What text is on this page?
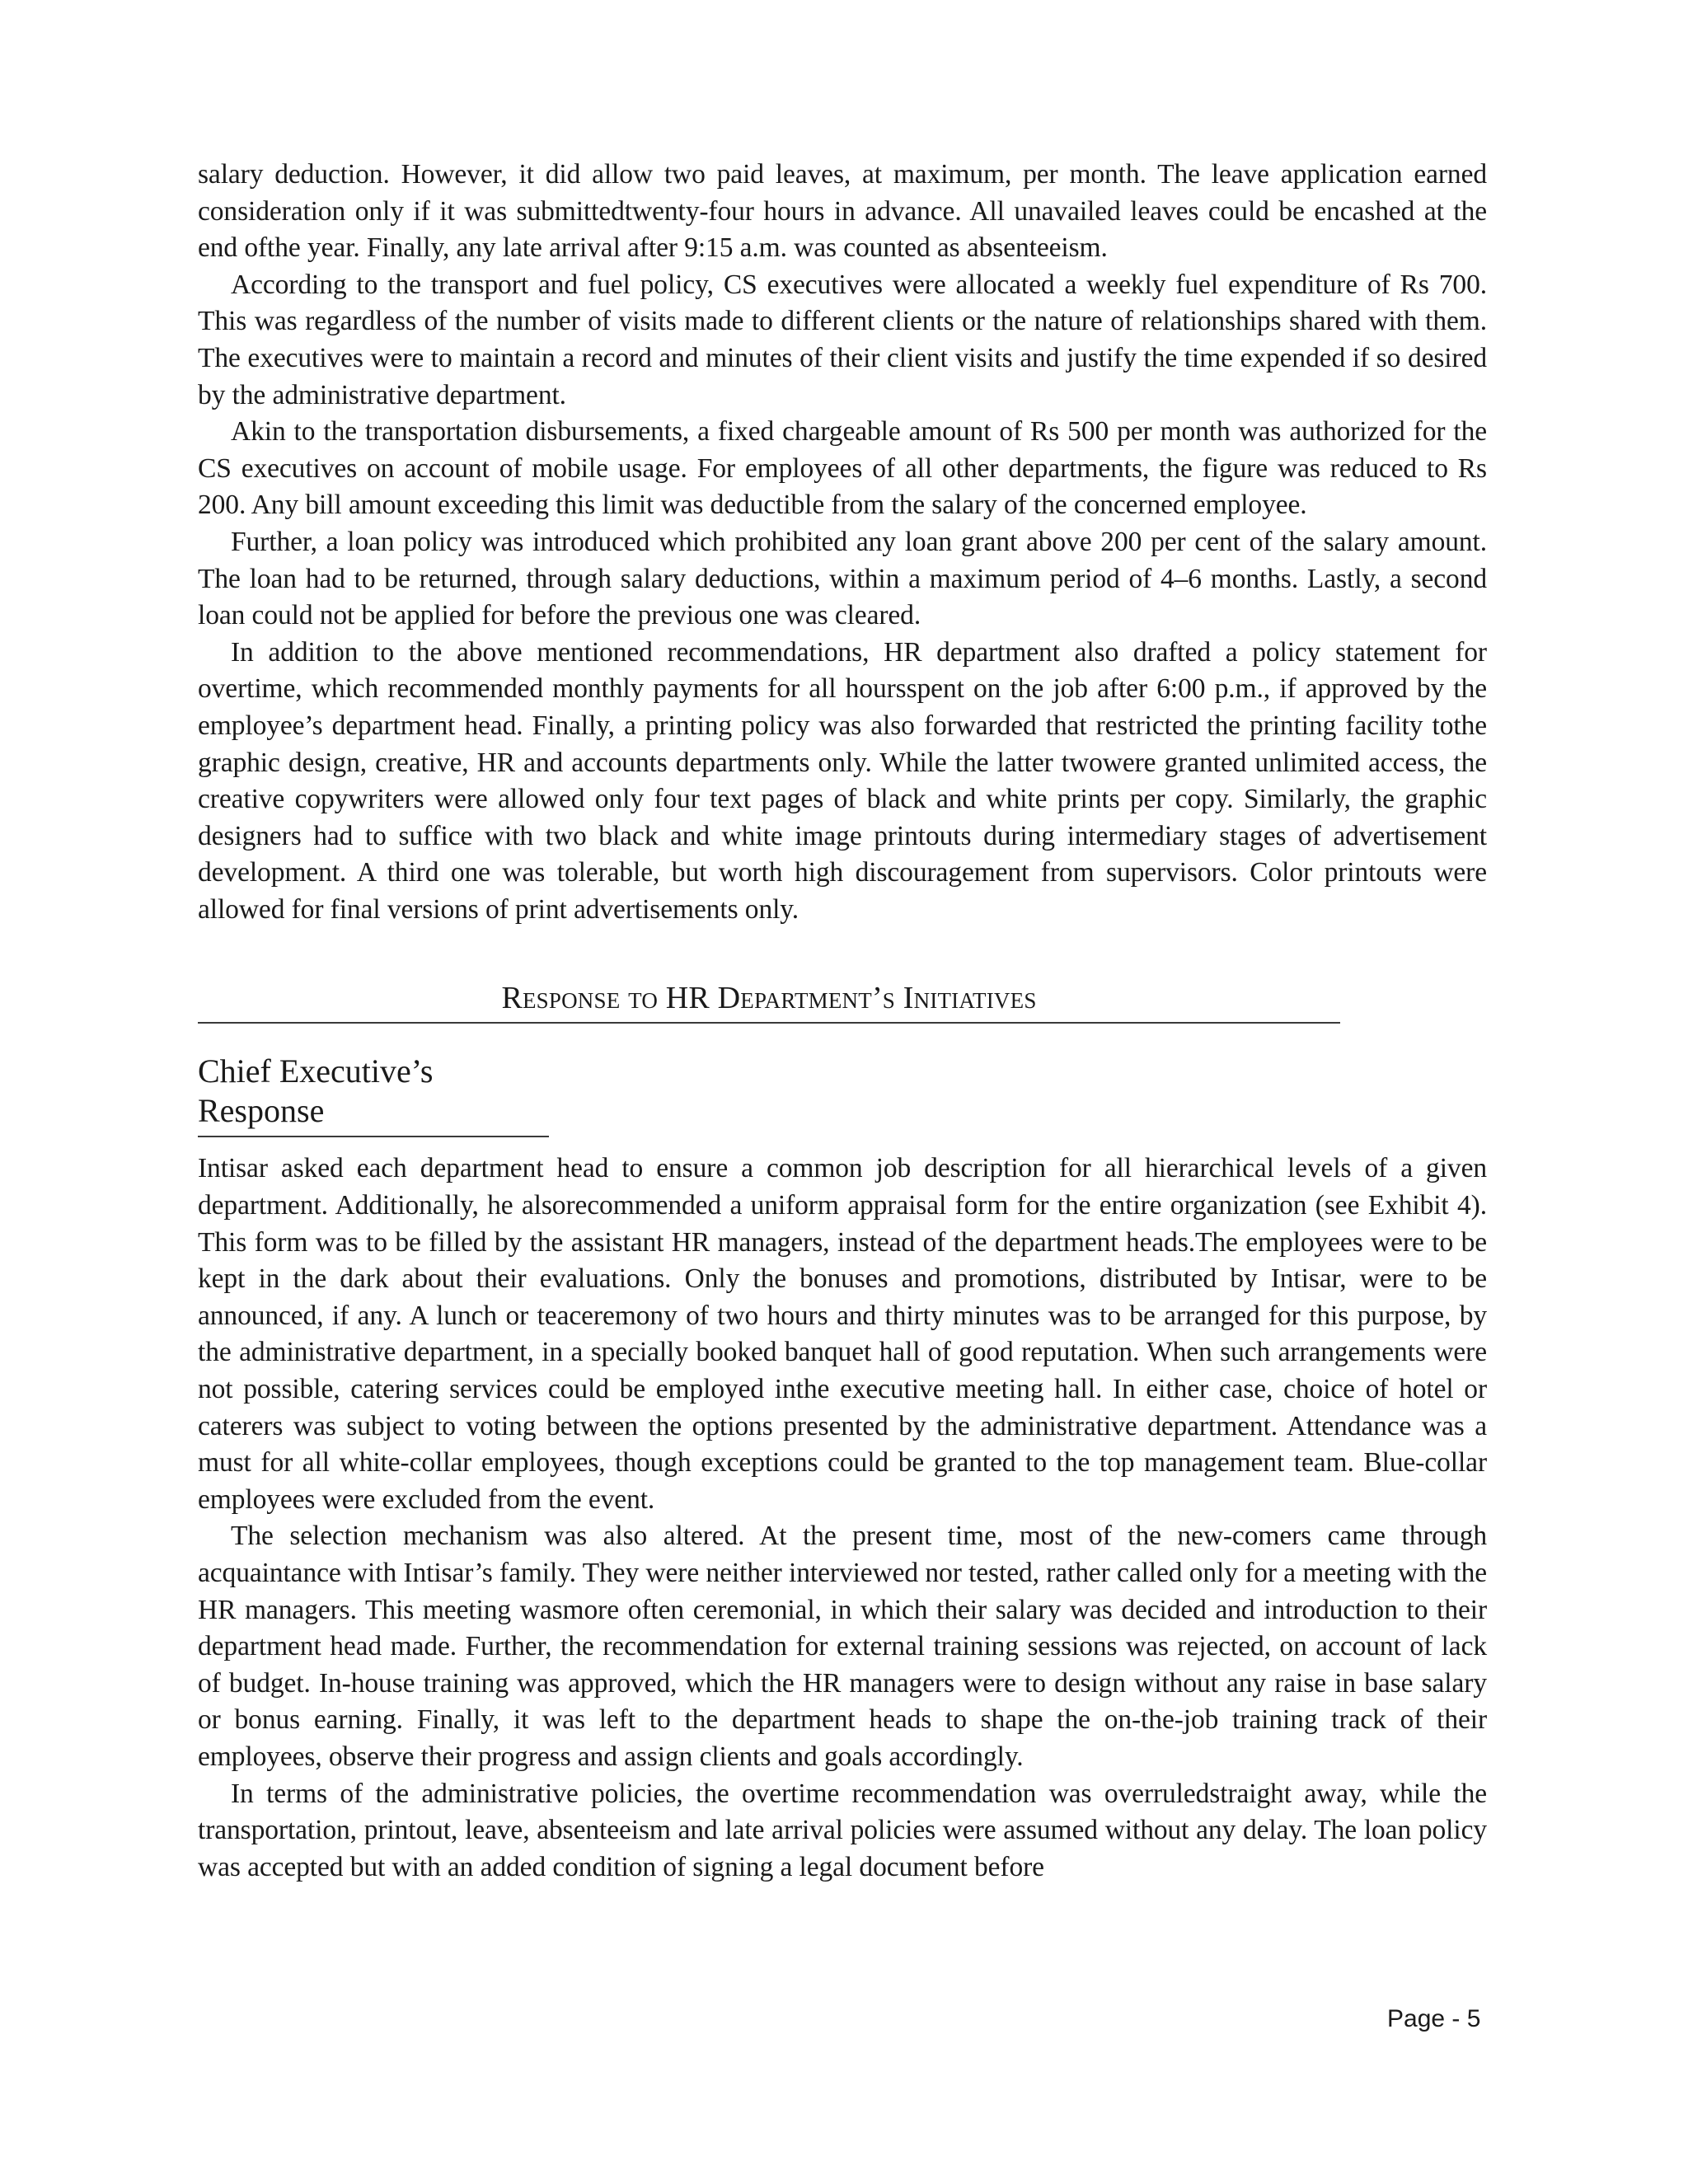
salary deduction. However, it did allow two paid leaves, at maximum, per month. The leave application earned consideration only if it was submittedtwenty-four hours in advance. All unavailed leaves could be encashed at the end ofthe year. Finally, any late arrival after 9:15 a.m. was counted as absenteeism.

According to the transport and fuel policy, CS executives were allocated a weekly fuel expenditure of Rs 700. This was regardless of the number of visits made to different clients or the nature of relationships shared with them. The executives were to maintain a record and minutes of their client visits and justify the time expended if so desired by the administrative department.

Akin to the transportation disbursements, a fixed chargeable amount of Rs 500 per month was authorized for the CS executives on account of mobile usage. For employees of all other departments, the figure was reduced to Rs 200. Any bill amount exceeding this limit was deductible from the salary of the concerned employee.

Further, a loan policy was introduced which prohibited any loan grant above 200 per cent of the salary amount. The loan had to be returned, through salary deductions, within a maximum period of 4–6 months. Lastly, a second loan could not be applied for before the previous one was cleared.

In addition to the above mentioned recommendations, HR department also drafted a policy statement for overtime, which recommended monthly payments for all hoursspent on the job after 6:00 p.m., if approved by the employee’s department head. Finally, a printing policy was also forwarded that restricted the printing facility tothe graphic design, creative, HR and accounts departments only. While the latter twowere granted unlimited access, the creative copywriters were allowed only four text pages of black and white prints per copy. Similarly, the graphic designers had to suffice with two black and white image printouts during intermediary stages of advertisement development. A third one was tolerable, but worth high discouragement from supervisors. Color printouts were allowed for final versions of print advertisements only.

Response to HR Department’s Initiatives
Chief Executive’s Response

Intisar asked each department head to ensure a common job description for all hierarchical levels of a given department. Additionally, he alsorecommended a uniform appraisal form for the entire organization (see Exhibit 4). This form was to be filled by the assistant HR managers, instead of the department heads.The employees were to be kept in the dark about their evaluations. Only the bonuses and promotions, distributed by Intisar, were to be announced, if any. A lunch or teaceremony of two hours and thirty minutes was to be arranged for this purpose, by the administrative department, in a specially booked banquet hall of good reputation. When such arrangements were not possible, catering services could be employed inthe executive meeting hall. In either case, choice of hotel or caterers was subject to voting between the options presented by the administrative department. Attendance was a must for all white-collar employees, though exceptions could be granted to the top management team. Blue-collar employees were excluded from the event.

The selection mechanism was also altered. At the present time, most of the new-comers came through acquaintance with Intisar’s family. They were neither interviewed nor tested, rather called only for a meeting with the HR managers. This meeting wasmore often ceremonial, in which their salary was decided and introduction to their department head made. Further, the recommendation for external training sessions was rejected, on account of lack of budget. In-house training was approved, which the HR managers were to design without any raise in base salary or bonus earning. Finally, it was left to the department heads to shape the on-the-job training track of their employees, observe their progress and assign clients and goals accordingly.

In terms of the administrative policies, the overtime recommendation was overruledstraight away, while the transportation, printout, leave, absenteeism and late arrival policies were assumed without any delay. The loan policy was accepted but with an added condition of signing a legal document before

Page - 5
